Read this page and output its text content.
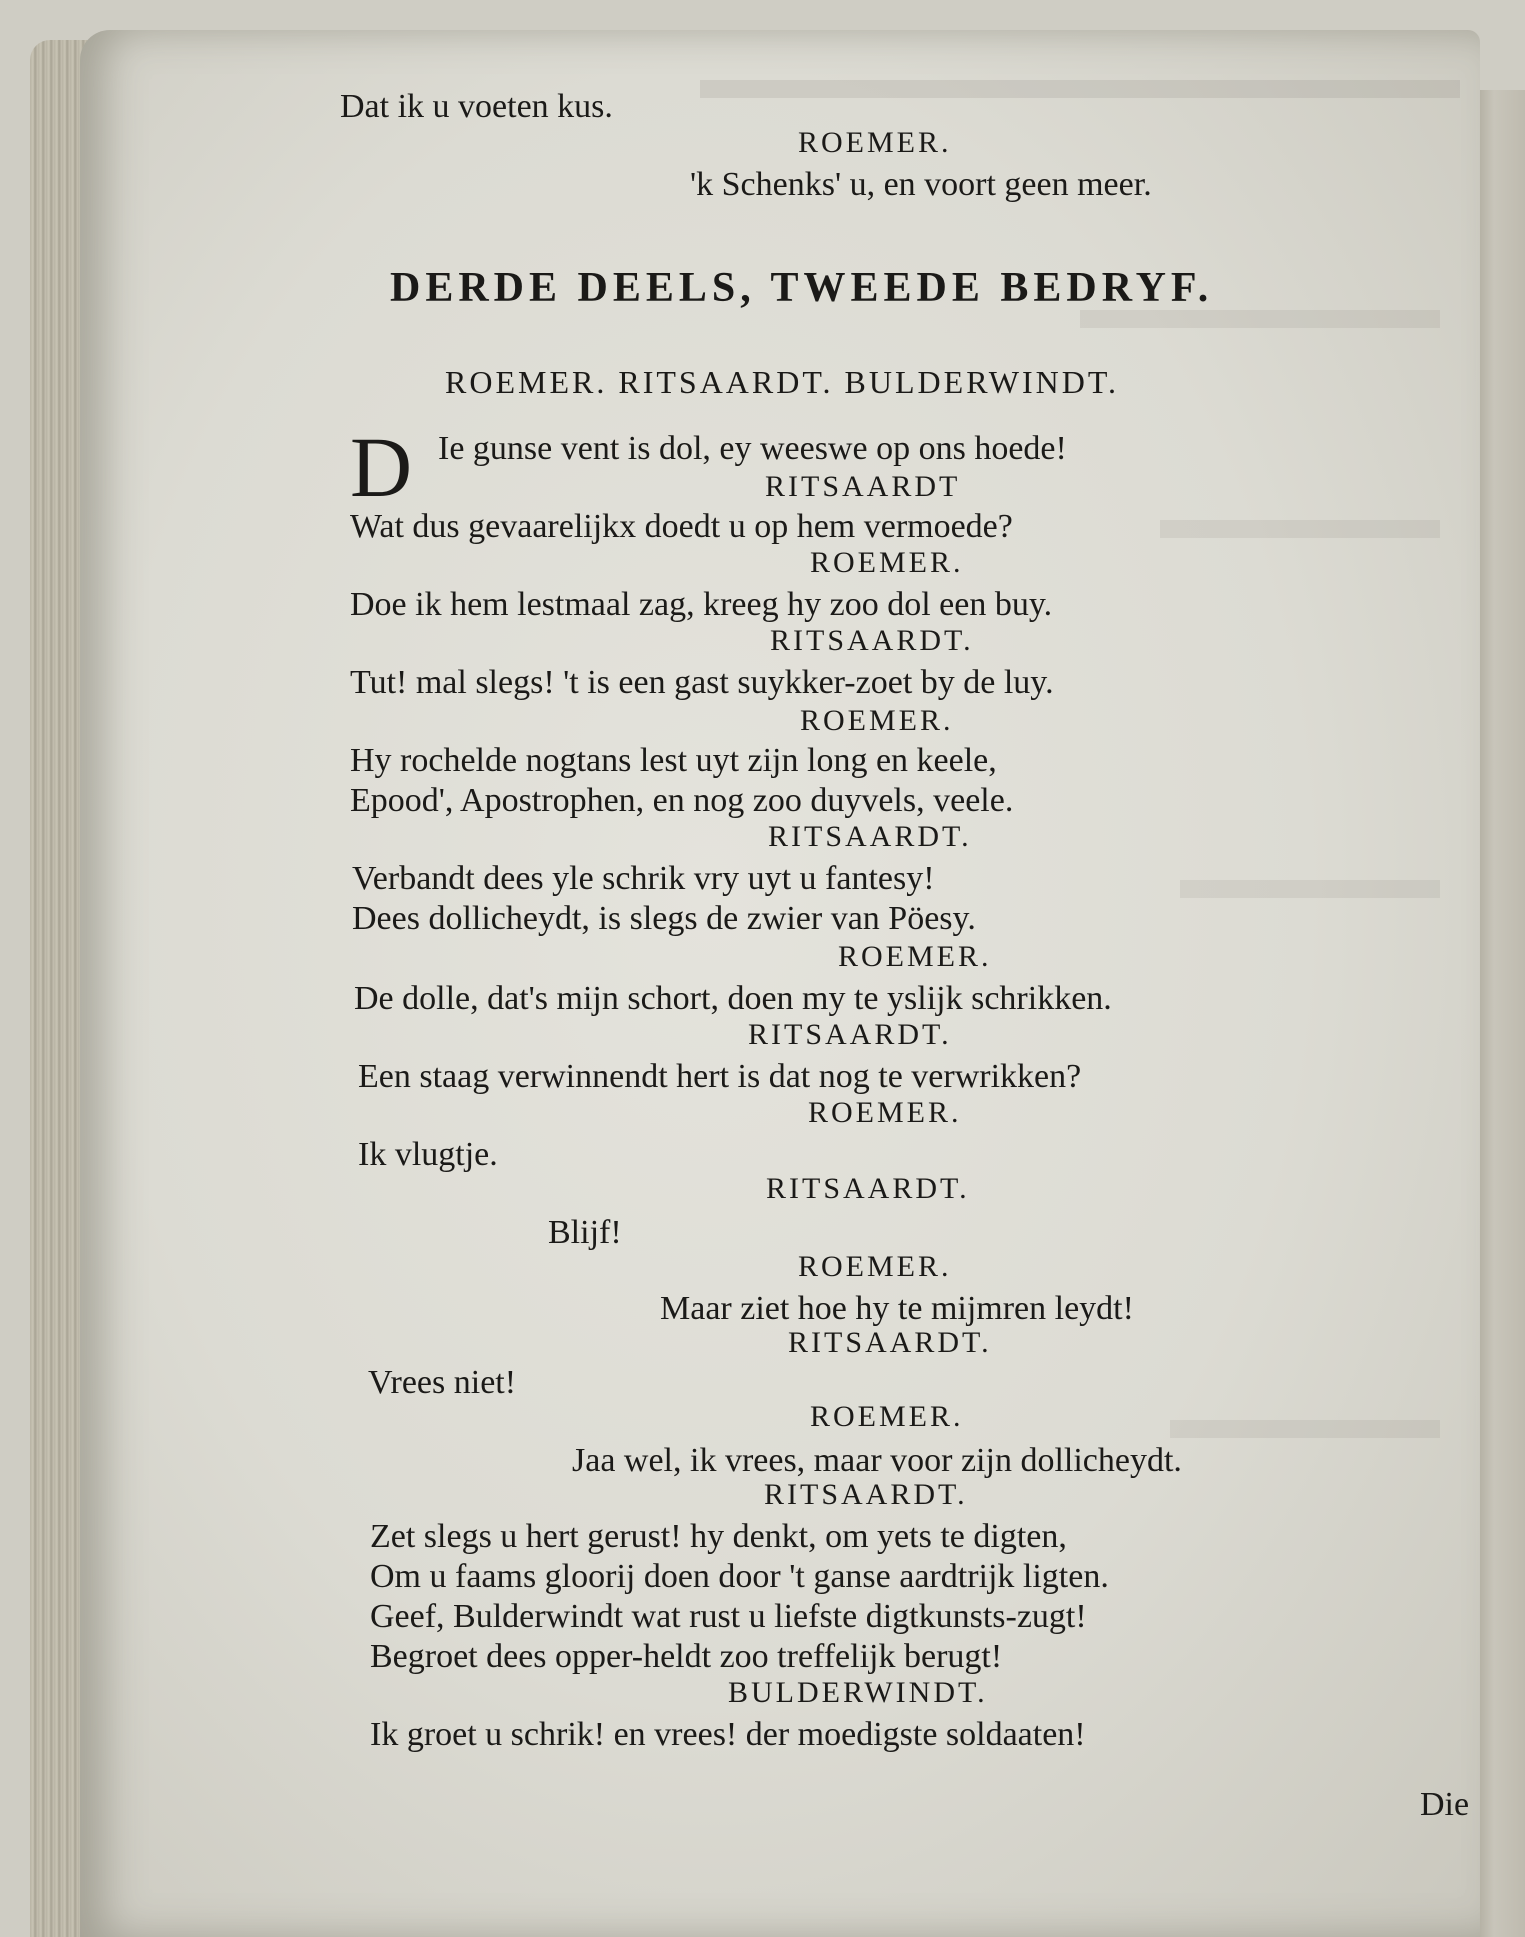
Dat ik u voeten kus.
ROEMER.
'k Schenks' u, en voort geen meer.
DERDE DEELS, TWEEDE BEDRYF.
ROEMER. RITSAARDT. BULDERWINDT.
D Ie gunse vent is dol, ey weeswe op ons hoede!
RITSAARDT
Wat dus gevaarelijkx doedt u op hem vermoede?
ROEMER.
Doe ik hem lestmaal zag, kreeg hy zoo dol een buy.
RITSAARDT.
Tut! mal slegs! 't is een gast suykker-zoet by de luy.
ROEMER.
Hy rochelde nogtans lest uyt zijn long en keele,
Epood', Apostrophen, en nog zoo duyvels, veele.
RITSAARDT.
Verbandt dees yle schrik vry uyt u fantesy!
Dees dollicheydt, is slegs de zwier van Pöesy.
ROEMER.
De dolle, dat's mijn schort, doen my te yslijk schrikken.
RITSAARDT.
Een staag verwinnendt hert is dat nog te verwrikken?
ROEMER.
Ik vlugtje.
RITSAARDT.
Blijf!
ROEMER.
Maar ziet hoe hy te mijmren leydt!
RITSAARDT.
Vrees niet!
ROEMER.
Jaa wel, ik vrees, maar voor zijn dollicheydt.
RITSAARDT.
Zet slegs u hert gerust! hy denkt, om yets te digten,
Om u faams gloorij doen door 't ganse aardtrijk ligten.
Geef, Bulderwindt wat rust u liefste digtkunsts-zugt!
Begroet dees opper-heldt zoo treffelijk berugt!
BULDERWINDT.
Ik groet u schrik! en vrees! der moedigste soldaaten!
Die
